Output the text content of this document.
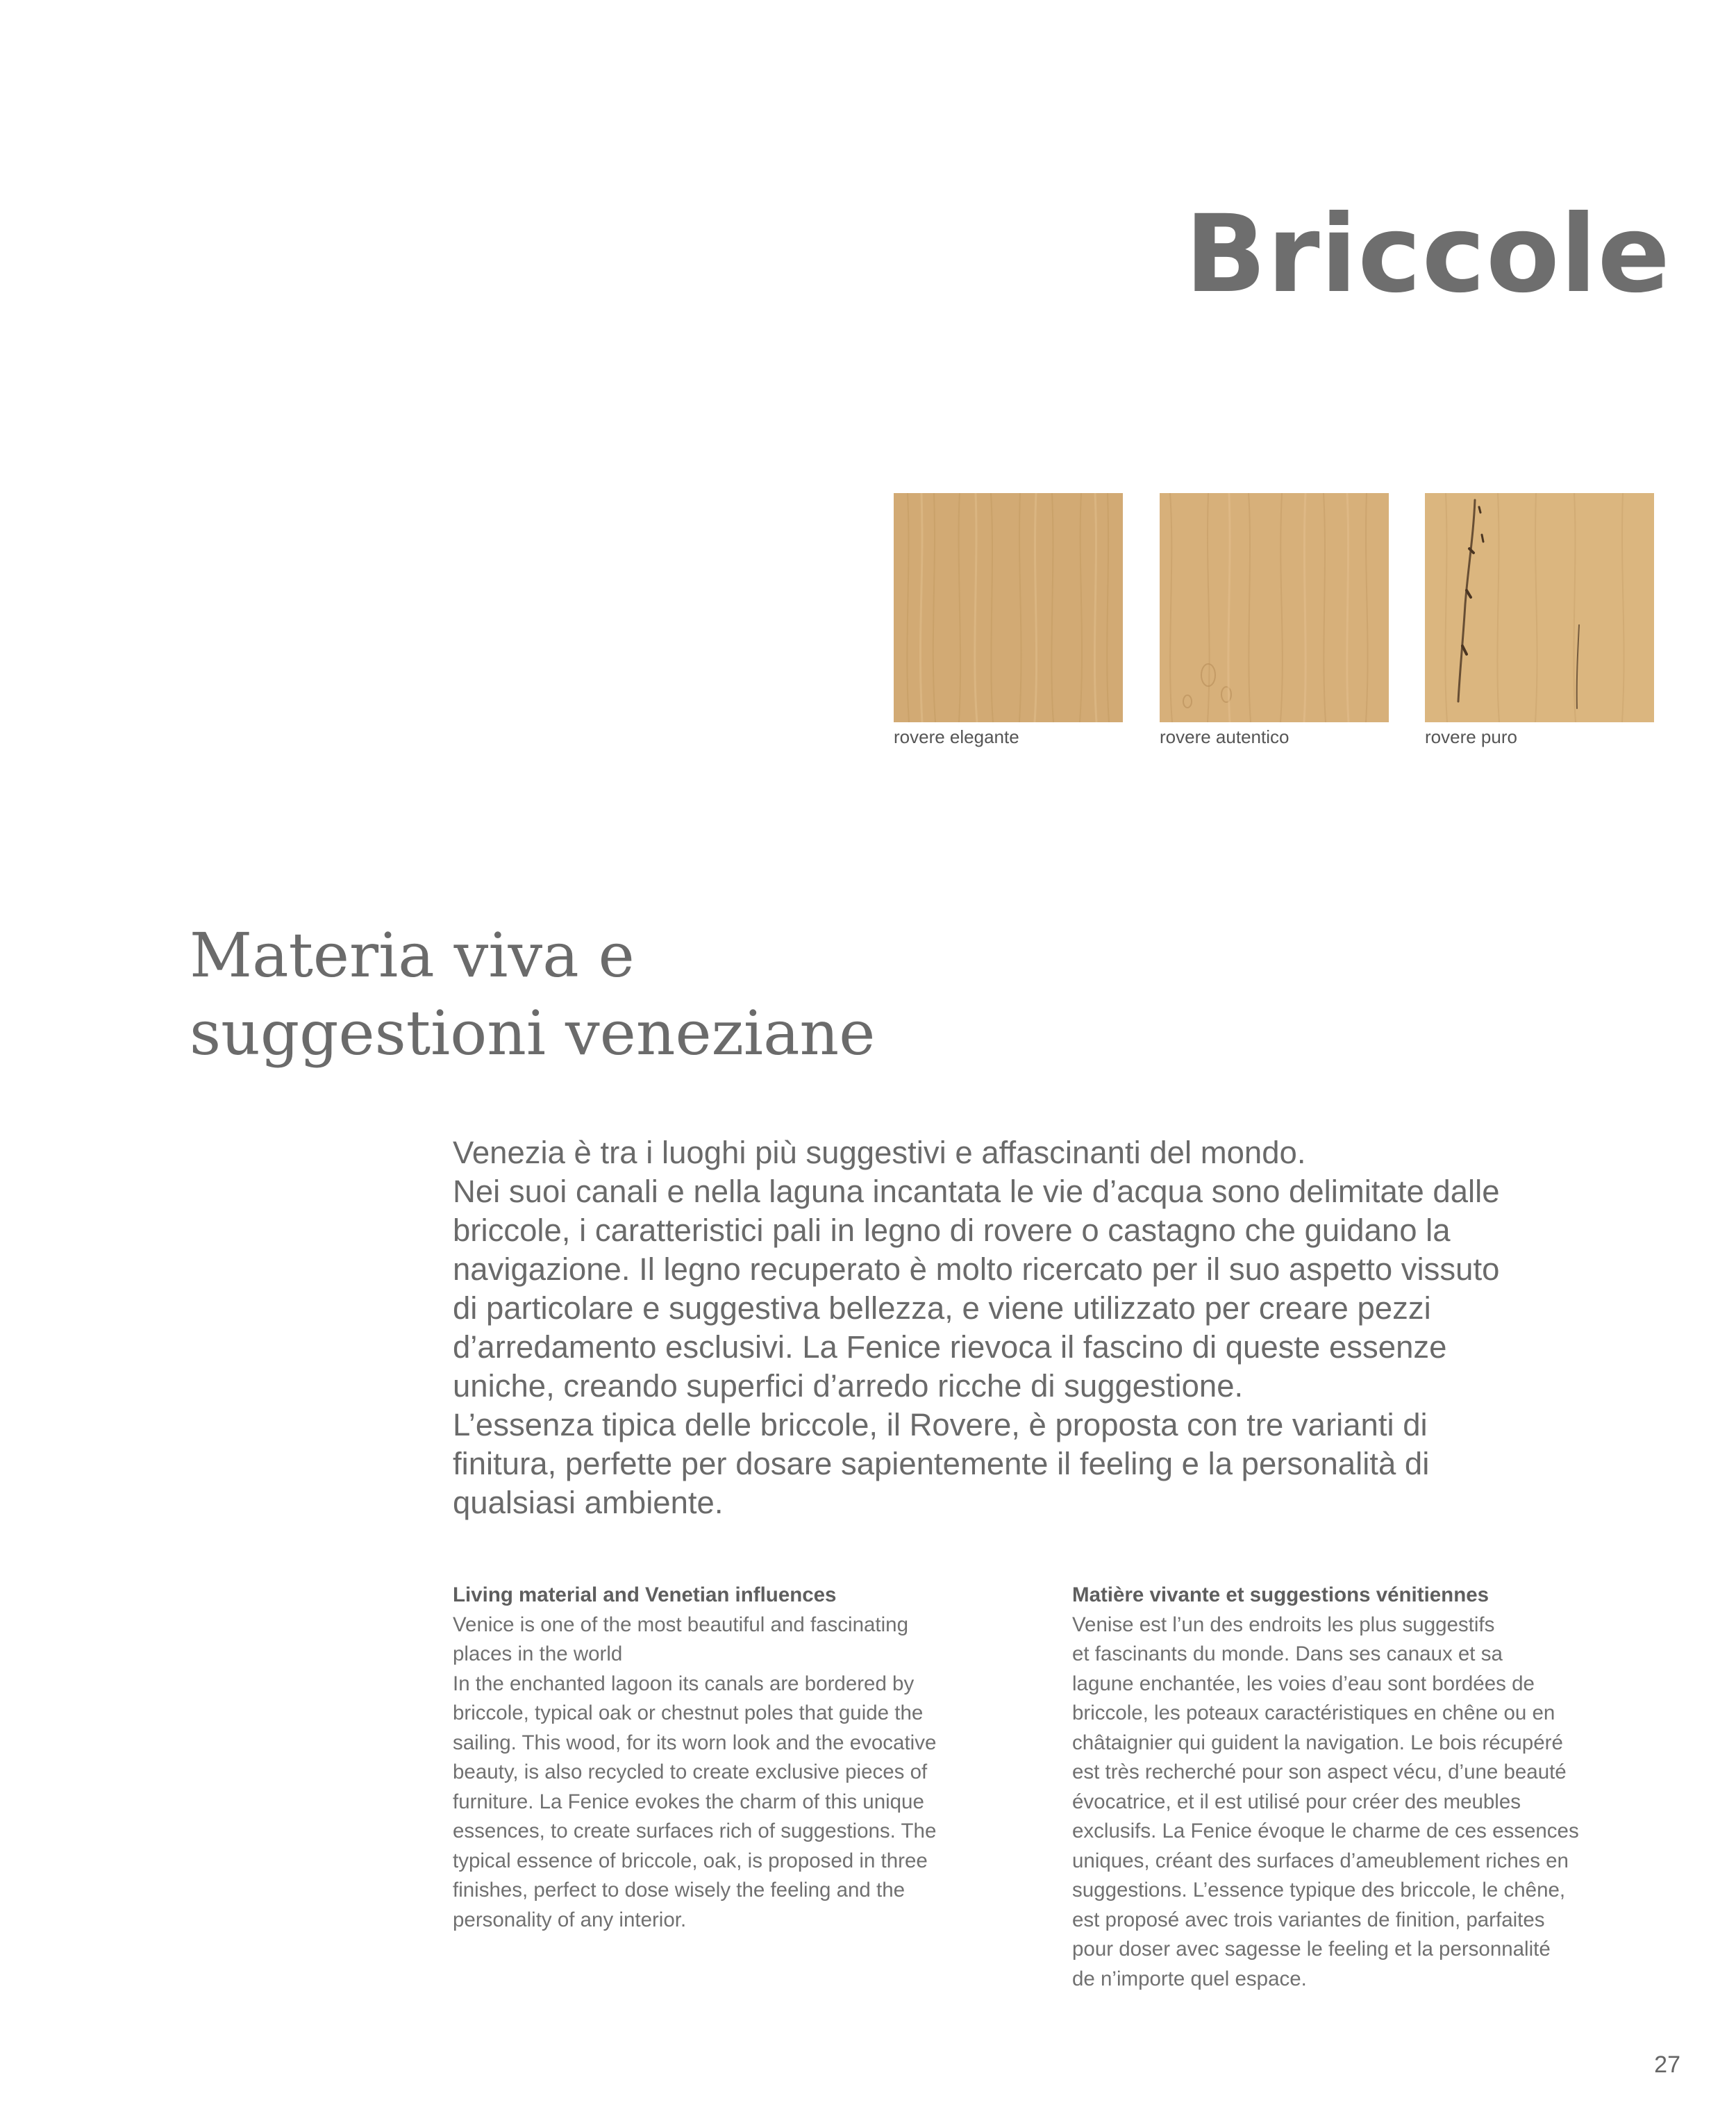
Briccole
rovere elegante	rovere autentico	rovere puro
Materia viva e
suggestioni veneziane
Venezia è tra i luoghi più suggestivi e affascinanti del mondo.
Nei suoi canali e nella laguna incantata le vie d’acqua sono delimitate dalle
briccole, i caratteristici pali in legno di rovere o castagno che guidano la
navigazione. Il legno recuperato è molto ricercato per il suo aspetto vissuto
di particolare e suggestiva bellezza, e viene utilizzato per creare pezzi
d’arredamento esclusivi. La Fenice rievoca il fascino di queste essenze
uniche, creando superfici d’arredo ricche di suggestione.
L’essenza tipica delle briccole, il Rovere, è proposta con tre varianti di
finitura, perfette per dosare sapientemente il feeling e la personalità di
qualsiasi ambiente.
Living material and Venetian influences
Venice is one of the most beautiful and fascinating
places in the world
In the enchanted lagoon its canals are bordered by
briccole, typical oak or chestnut poles that guide the
sailing. This wood, for its worn look and the evocative
beauty, is also recycled to create exclusive pieces of
furniture. La Fenice evokes the charm of this unique
essences, to create surfaces rich of suggestions. The
typical essence of briccole, oak, is proposed in three
finishes, perfect to dose wisely the feeling and the
personality of any interior.
Matière vivante et suggestions vénitiennes
Venise est l’un des endroits les plus suggestifs
et fascinants du monde. Dans ses canaux et sa
lagune enchantée, les voies d’eau sont bordées de
briccole, les poteaux caractéristiques en chêne ou en
châtaignier qui guident la navigation. Le bois récupéré
est très recherché pour son aspect vécu, d’une beauté
évocatrice, et il est utilisé pour créer des meubles
exclusifs. La Fenice évoque le charme de ces essences
uniques, créant des surfaces d’ameublement riches en
suggestions. L’essence typique des briccole, le chêne,
est proposé avec trois variantes de finition, parfaites
pour doser avec sagesse le feeling et la personnalité
de n’importe quel espace.
27
